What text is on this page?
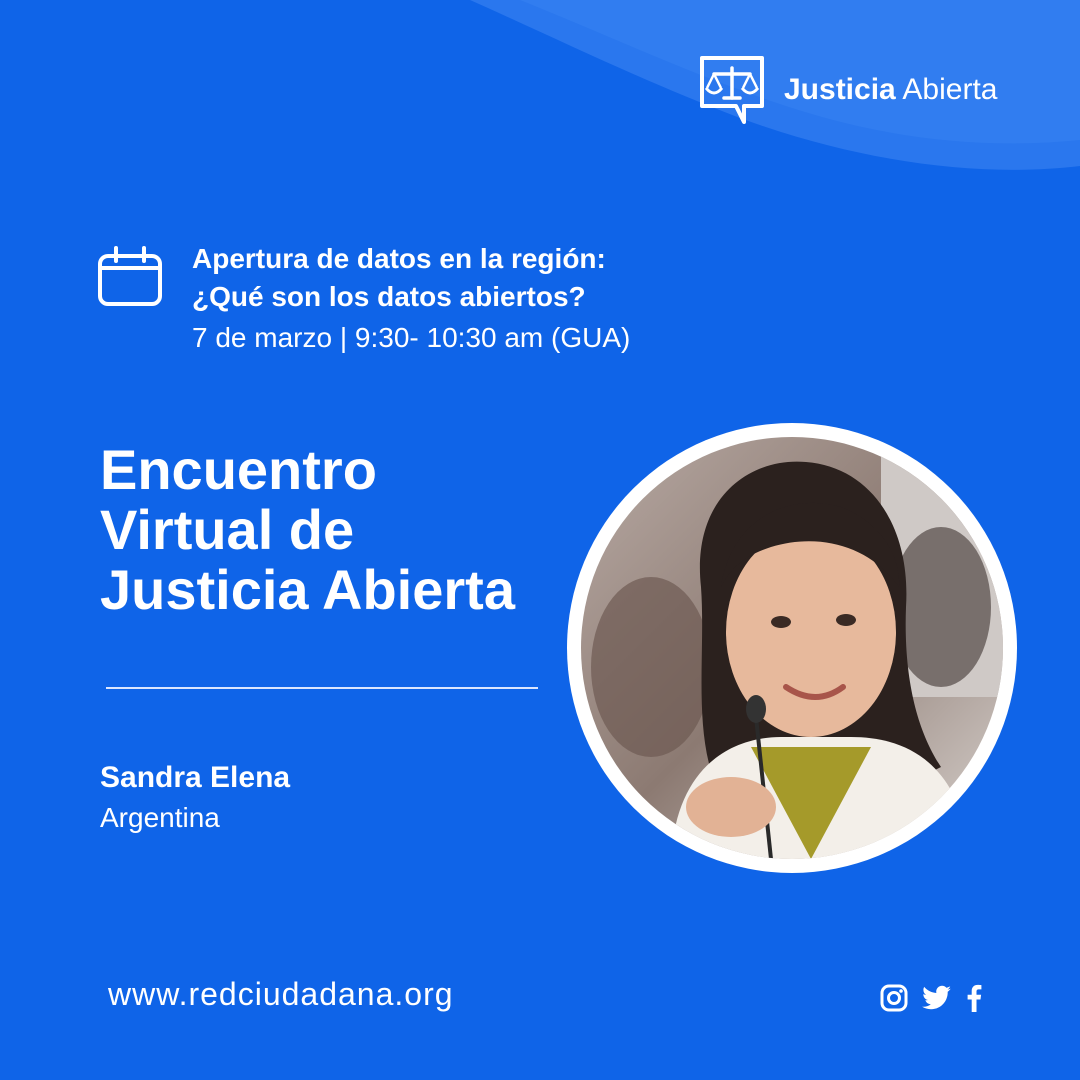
Justicia Abierta
Apertura de datos en la región:
¿Qué son los datos abiertos?
7 de marzo | 9:30- 10:30 am (GUA)
Encuentro
Virtual de
Justicia Abierta
Sandra Elena
Argentina
www.redciudadana.org
